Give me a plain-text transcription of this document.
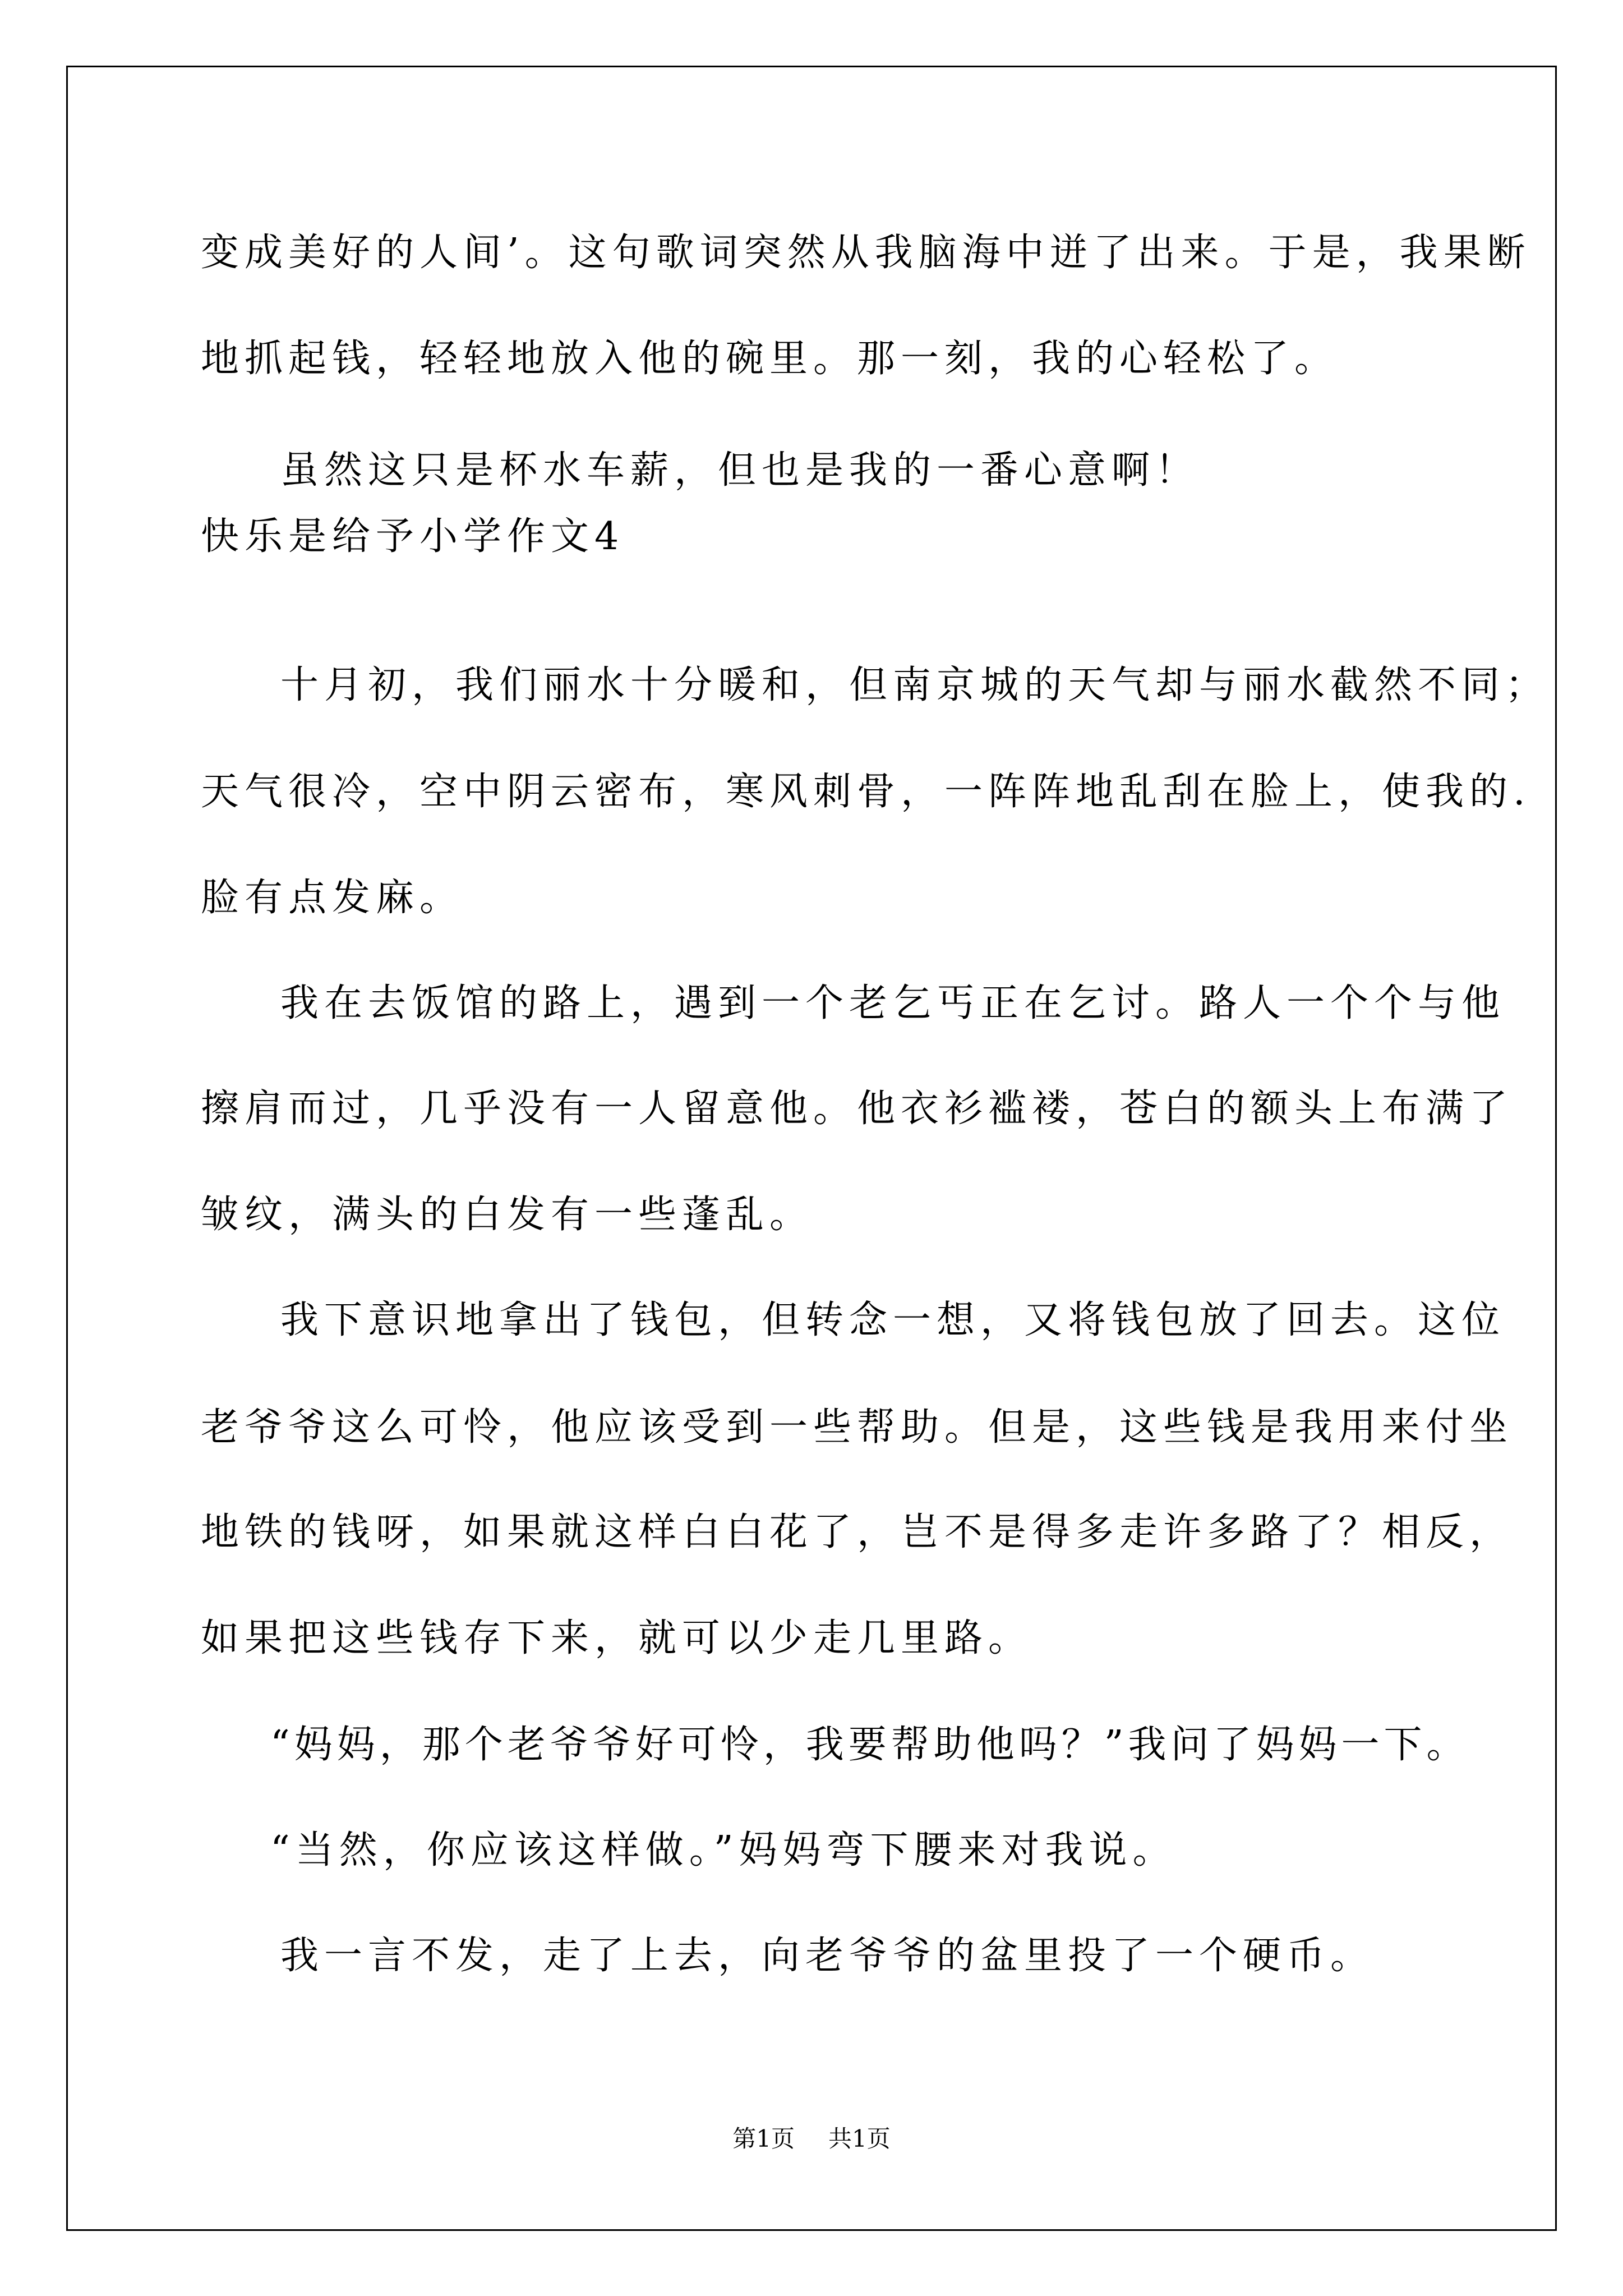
变成美好的人间’。这句歌词突然从我脑海中迸了出来。于是，我果断
地抓起钱，轻轻地放入他的碗里。那一刻，我的心轻松了。
虽然这只是杯水车薪，但也是我的一番心意啊！
快乐是给予小学作文4
十月初，我们丽水十分暖和，但南京城的天气却与丽水截然不同；
天气很冷，空中阴云密布，寒风刺骨，一阵阵地乱刮在脸上，使我的.
脸有点发麻。
我在去饭馆的路上，遇到一个老乞丐正在乞讨。路人一个个与他
擦肩而过，几乎没有一人留意他。他衣衫褴褛，苍白的额头上布满了
皱纹，满头的白发有一些蓬乱。
我下意识地拿出了钱包，但转念一想，又将钱包放了回去。这位
老爷爷这么可怜，他应该受到一些帮助。但是，这些钱是我用来付坐
地铁的钱呀，如果就这样白白花了，岂不是得多走许多路了？相反，
如果把这些钱存下来，就可以少走几里路。
“妈妈，那个老爷爷好可怜，我要帮助他吗？”我问了妈妈一下。
“当然，你应该这样做。”妈妈弯下腰来对我说。
我一言不发，走了上去，向老爷爷的盆里投了一个硬币。
第1页 共1页
